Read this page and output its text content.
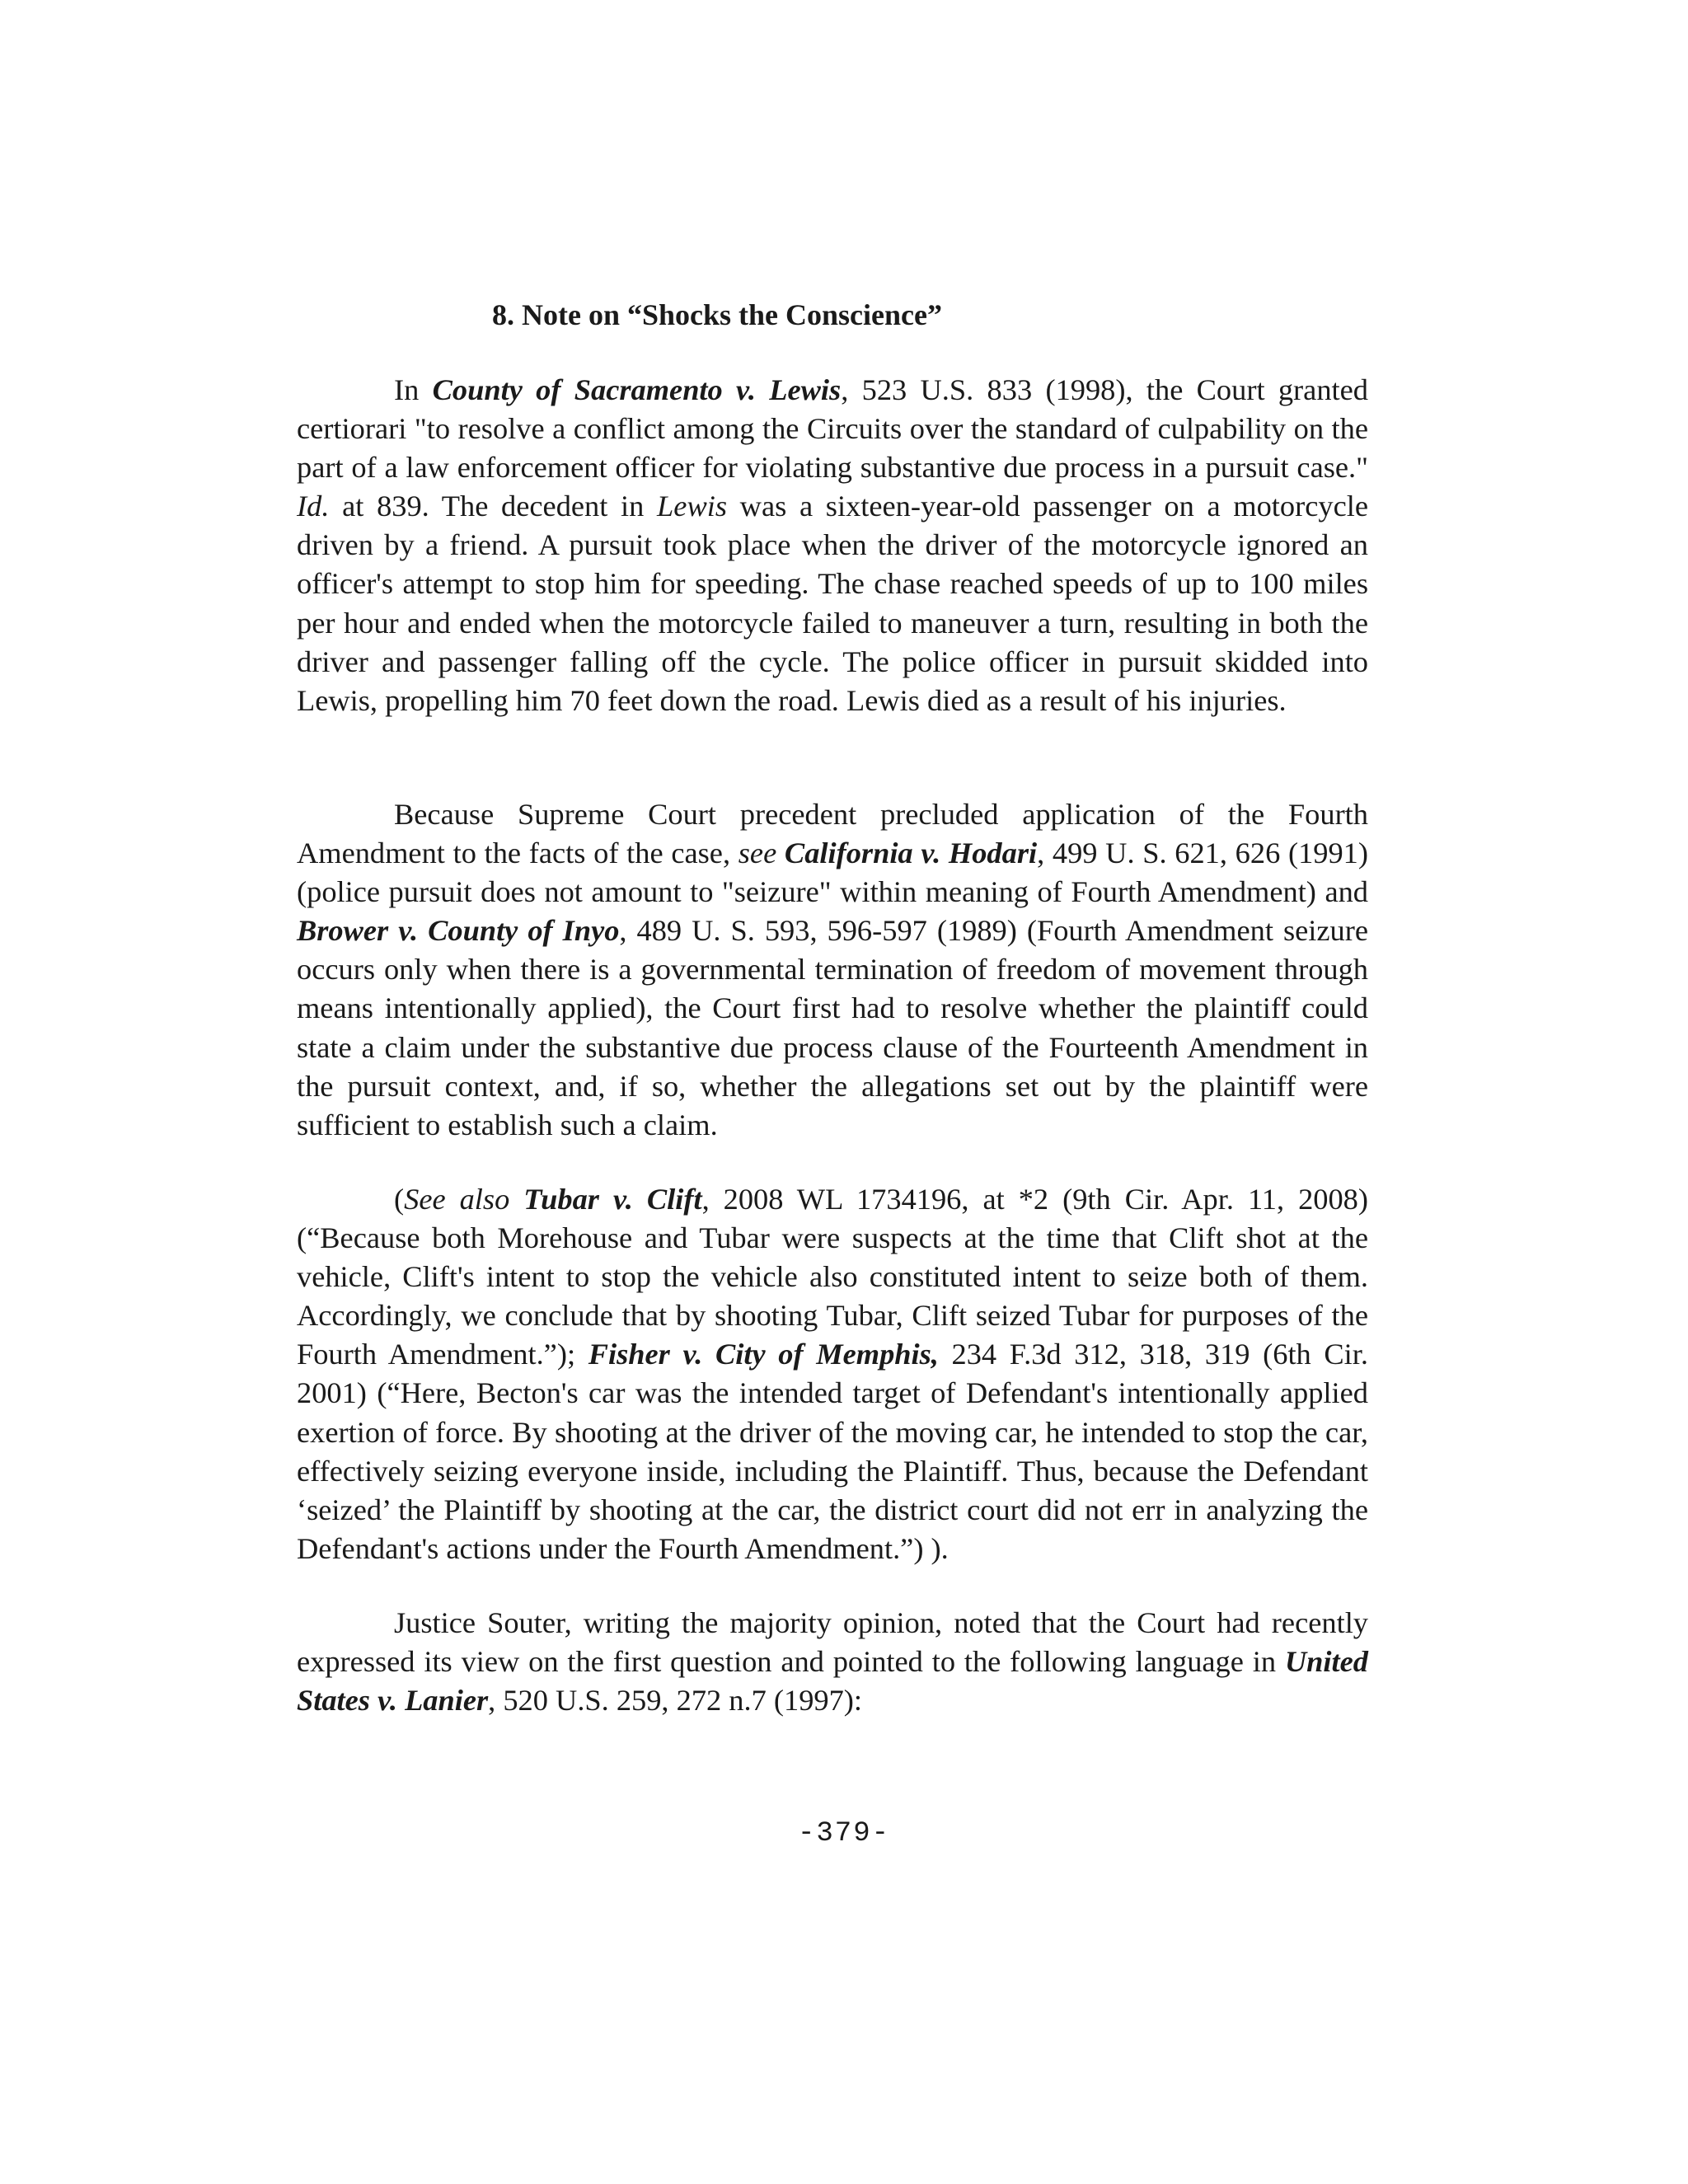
8. Note on “Shocks the Conscience”

In County of Sacramento v. Lewis, 523 U.S. 833 (1998), the Court granted certiorari "to resolve a conflict among the Circuits over the standard of culpability on the part of a law enforcement officer for violating substantive due process in a pursuit case." Id. at 839. The decedent in Lewis was a sixteen-year-old passenger on a motorcycle driven by a friend. A pursuit took place when the driver of the motorcycle ignored an officer's attempt to stop him for speeding. The chase reached speeds of up to 100 miles per hour and ended when the motorcycle failed to maneuver a turn, resulting in both the driver and passenger falling off the cycle. The police officer in pursuit skidded into Lewis, propelling him 70 feet down the road. Lewis died as a result of his injuries.

Because Supreme Court precedent precluded application of the Fourth Amendment to the facts of the case, see California v. Hodari, 499 U. S. 621, 626 (1991) (police pursuit does not amount to "seizure" within meaning of Fourth Amendment) and Brower v. County of Inyo, 489 U. S. 593, 596-597 (1989) (Fourth Amendment seizure occurs only when there is a governmental termination of freedom of movement through means intentionally applied), the Court first had to resolve whether the plaintiff could state a claim under the substantive due process clause of the Fourteenth Amendment in the pursuit context, and, if so, whether the allegations set out by the plaintiff were sufficient to establish such a claim.

(See also Tubar v. Clift, 2008 WL 1734196, at *2 (9th Cir. Apr. 11, 2008) (“Because both Morehouse and Tubar were suspects at the time that Clift shot at the vehicle, Clift's intent to stop the vehicle also constituted intent to seize both of them. Accordingly, we conclude that by shooting Tubar, Clift seized Tubar for purposes of the Fourth Amendment.”); Fisher v. City of Memphis, 234 F.3d 312, 318, 319 (6th Cir. 2001) (“Here, Becton's car was the intended target of Defendant's intentionally applied exertion of force. By shooting at the driver of the moving car, he intended to stop the car, effectively seizing everyone inside, including the Plaintiff. Thus, because the Defendant ‘seized’ the Plaintiff by shooting at the car, the district court did not err in analyzing the Defendant's actions under the Fourth Amendment.”) ).

Justice Souter, writing the majority opinion, noted that the Court had recently expressed its view on the first question and pointed to the following language in United States v. Lanier, 520 U.S. 259, 272 n.7 (1997):

-379-
